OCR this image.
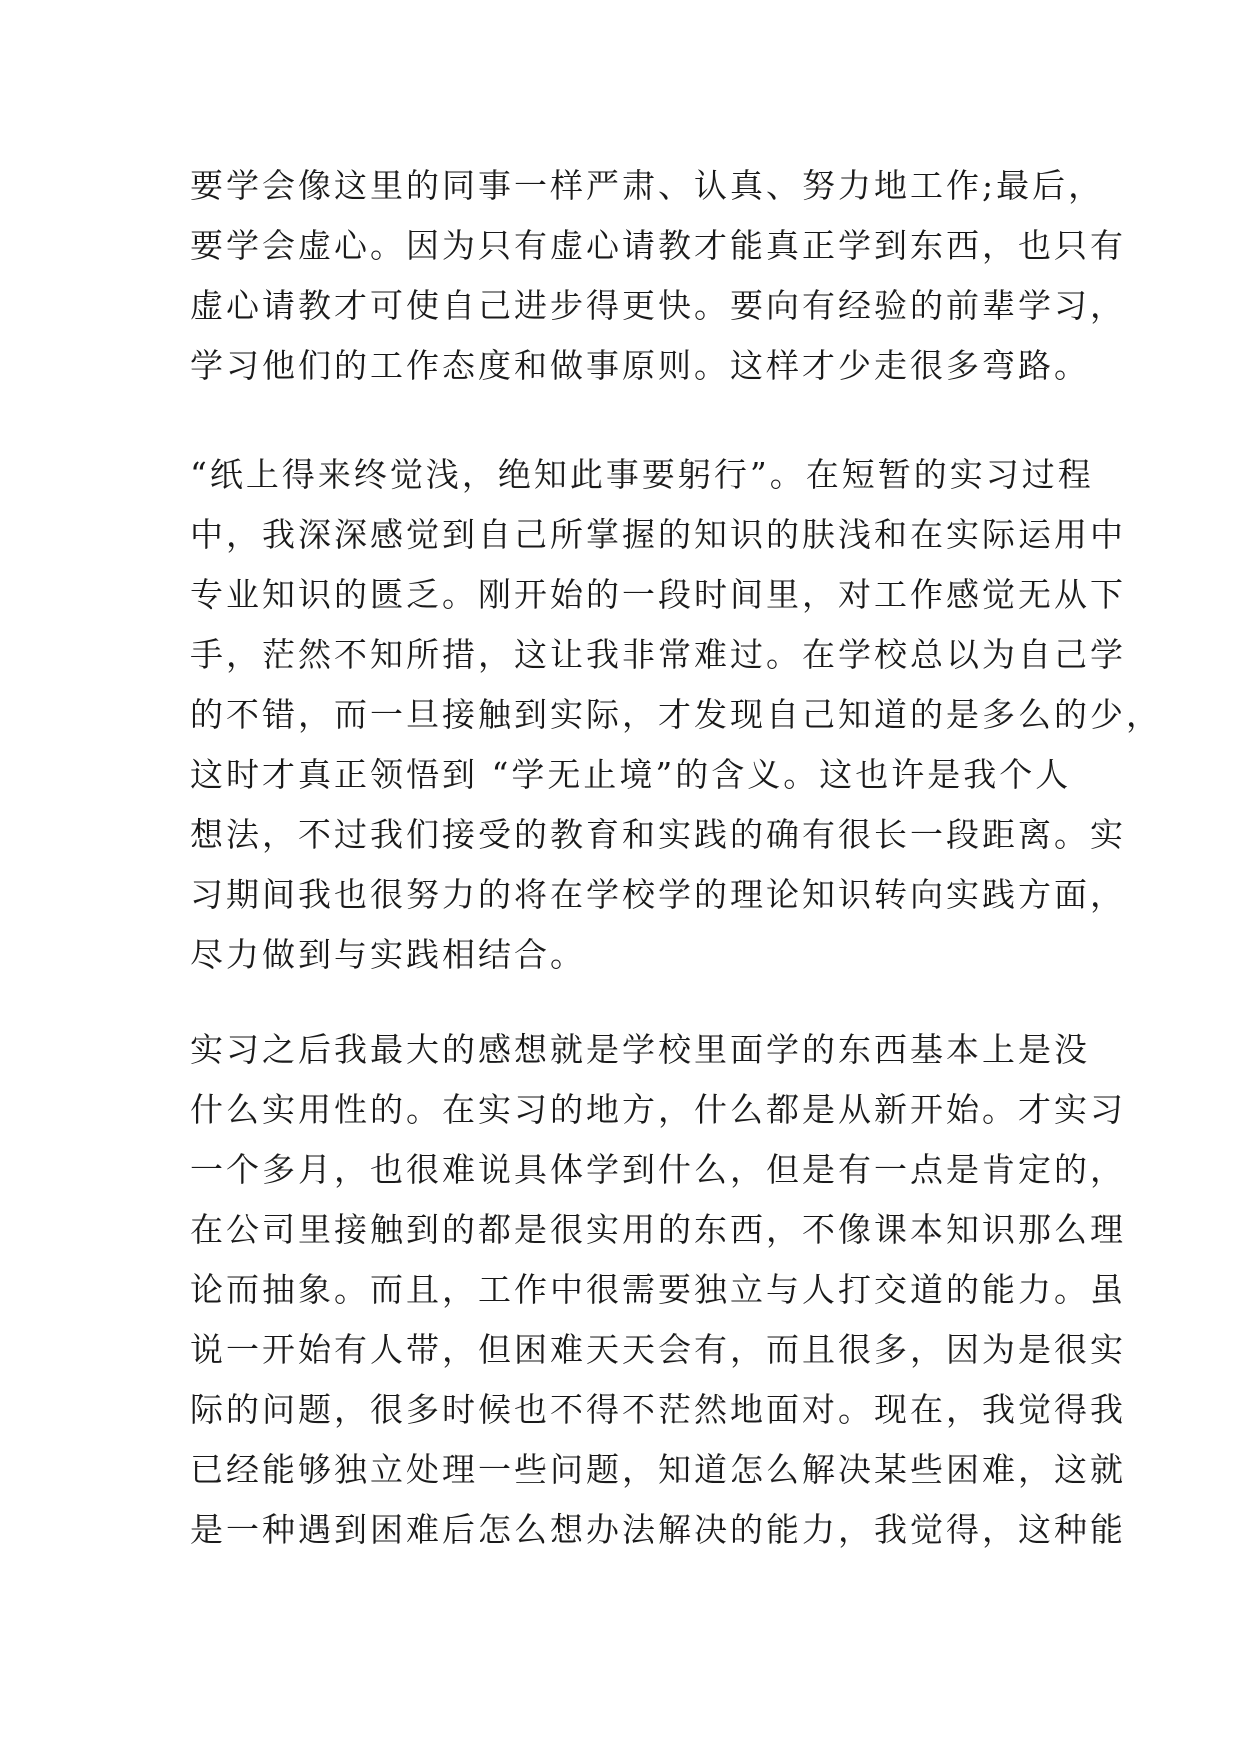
要学会像这里的同事一样严肃、认真、努力地工作;最后，
要学会虚心。因为只有虚心请教才能真正学到东西，也只有
虚心请教才可使自己进步得更快。要向有经验的前辈学习，
学习他们的工作态度和做事原则。这样才少走很多弯路。
“纸上得来终觉浅，绝知此事要躬行”。在短暂的实习过程
中，我深深感觉到自己所掌握的知识的肤浅和在实际运用中
专业知识的匮乏。刚开始的一段时间里，对工作感觉无从下
手，茫然不知所措，这让我非常难过。在学校总以为自己学
的不错，而一旦接触到实际，才发现自己知道的是多么的少，
这时才真正领悟到 “学无止境”的含义。这也许是我个人
想法，不过我们接受的教育和实践的确有很长一段距离。实
习期间我也很努力的将在学校学的理论知识转向实践方面，
尽力做到与实践相结合。
实习之后我最大的感想就是学校里面学的东西基本上是没
什么实用性的。在实习的地方，什么都是从新开始。才实习
一个多月，也很难说具体学到什么，但是有一点是肯定的，
在公司里接触到的都是很实用的东西，不像课本知识那么理
论而抽象。而且，工作中很需要独立与人打交道的能力。虽
说一开始有人带，但困难天天会有，而且很多，因为是很实
际的问题，很多时候也不得不茫然地面对。现在，我觉得我
已经能够独立处理一些问题，知道怎么解决某些困难，这就
是一种遇到困难后怎么想办法解决的能力，我觉得，这种能
